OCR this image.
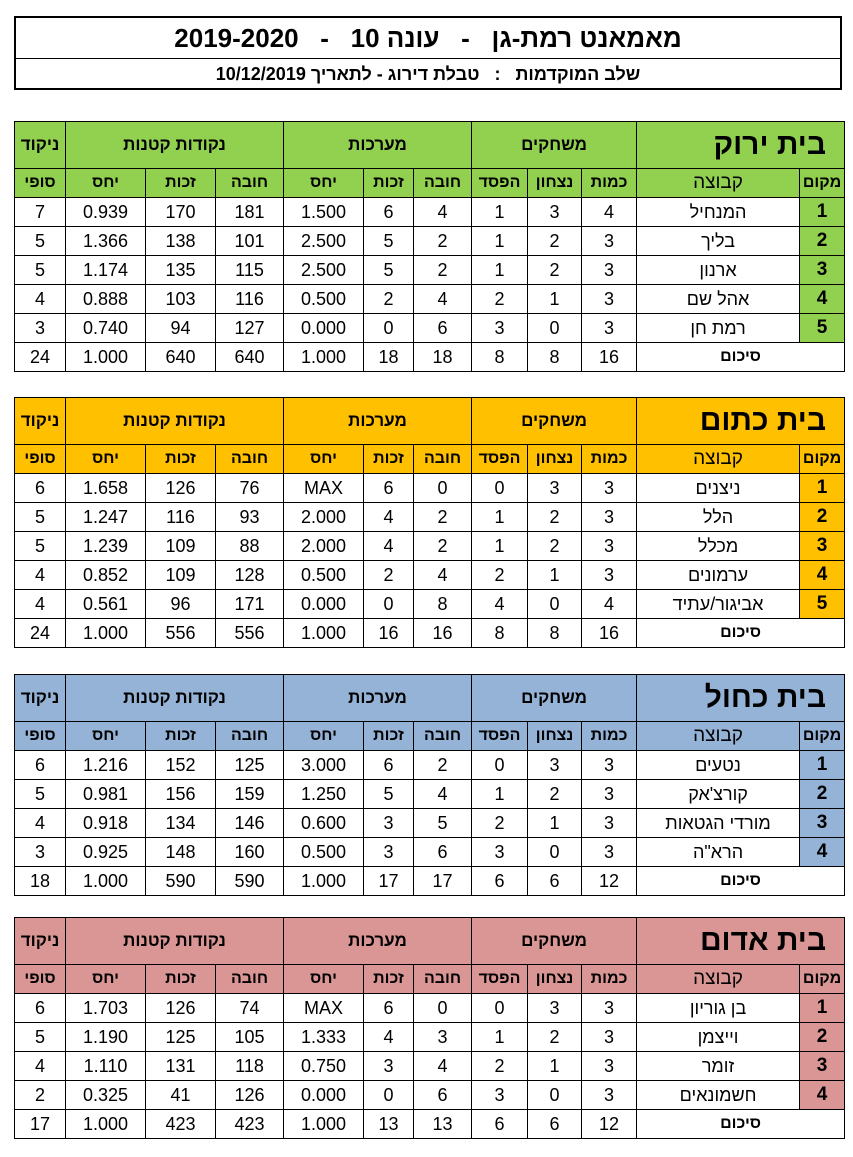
מאמאנט רמת-גן   -   עונה 10   -   2019-2020
שלב המוקדמות   :   טבלת דירוג - לתאריך 10/12/2019
בית ירוק		משחקים			מערכות			נקודות קטנות			ניקוד
מקום	קבוצה	כמות	נצחון	הפסד	חובה	זכות	יחס	חובה	זכות	יחס	סופי
1	המנחיל	4	3	1	4	6	1.500	181	170	0.939	7
2	בליך	3	2	1	2	5	2.500	101	138	1.366	5
3	ארנון	3	2	1	2	5	2.500	115	135	1.174	5
4	אהל שם	3	1	2	4	2	0.500	116	103	0.888	4
5	רמת חן	3	0	3	6	0	0.000	127	94	0.740	3
סיכום		16	8	8	18	18	1.000	640	640	1.000	24
בית כתום		משחקים			מערכות			נקודות קטנות			ניקוד
מקום	קבוצה	כמות	נצחון	הפסד	חובה	זכות	יחס	חובה	זכות	יחס	סופי
1	ניצנים	3	3	0	0	6	MAX	76	126	1.658	6
2	הלל	3	2	1	2	4	2.000	93	116	1.247	5
3	מכלל	3	2	1	2	4	2.000	88	109	1.239	5
4	ערמונים	3	1	2	4	2	0.500	128	109	0.852	4
5	אביגור/עתיד	4	0	4	8	0	0.000	171	96	0.561	4
סיכום		16	8	8	16	16	1.000	556	556	1.000	24
בית כחול		משחקים			מערכות			נקודות קטנות			ניקוד
מקום	קבוצה	כמות	נצחון	הפסד	חובה	זכות	יחס	חובה	זכות	יחס	סופי
1	נטעים	3	3	0	2	6	3.000	125	152	1.216	6
2	קורצ'אק	3	2	1	4	5	1.250	159	156	0.981	5
3	מורדי הגטאות	3	1	2	5	3	0.600	146	134	0.918	4
4	הרא"ה	3	0	3	6	3	0.500	160	148	0.925	3
סיכום		12	6	6	17	17	1.000	590	590	1.000	18
בית אדום		משחקים			מערכות			נקודות קטנות			ניקוד
מקום	קבוצה	כמות	נצחון	הפסד	חובה	זכות	יחס	חובה	זכות	יחס	סופי
1	בן גוריון	3	3	0	0	6	MAX	74	126	1.703	6
2	וייצמן	3	2	1	3	4	1.333	105	125	1.190	5
3	זומר	3	1	2	4	3	0.750	118	131	1.110	4
4	חשמונאים	3	0	3	6	0	0.000	126	41	0.325	2
סיכום		12	6	6	13	13	1.000	423	423	1.000	17
